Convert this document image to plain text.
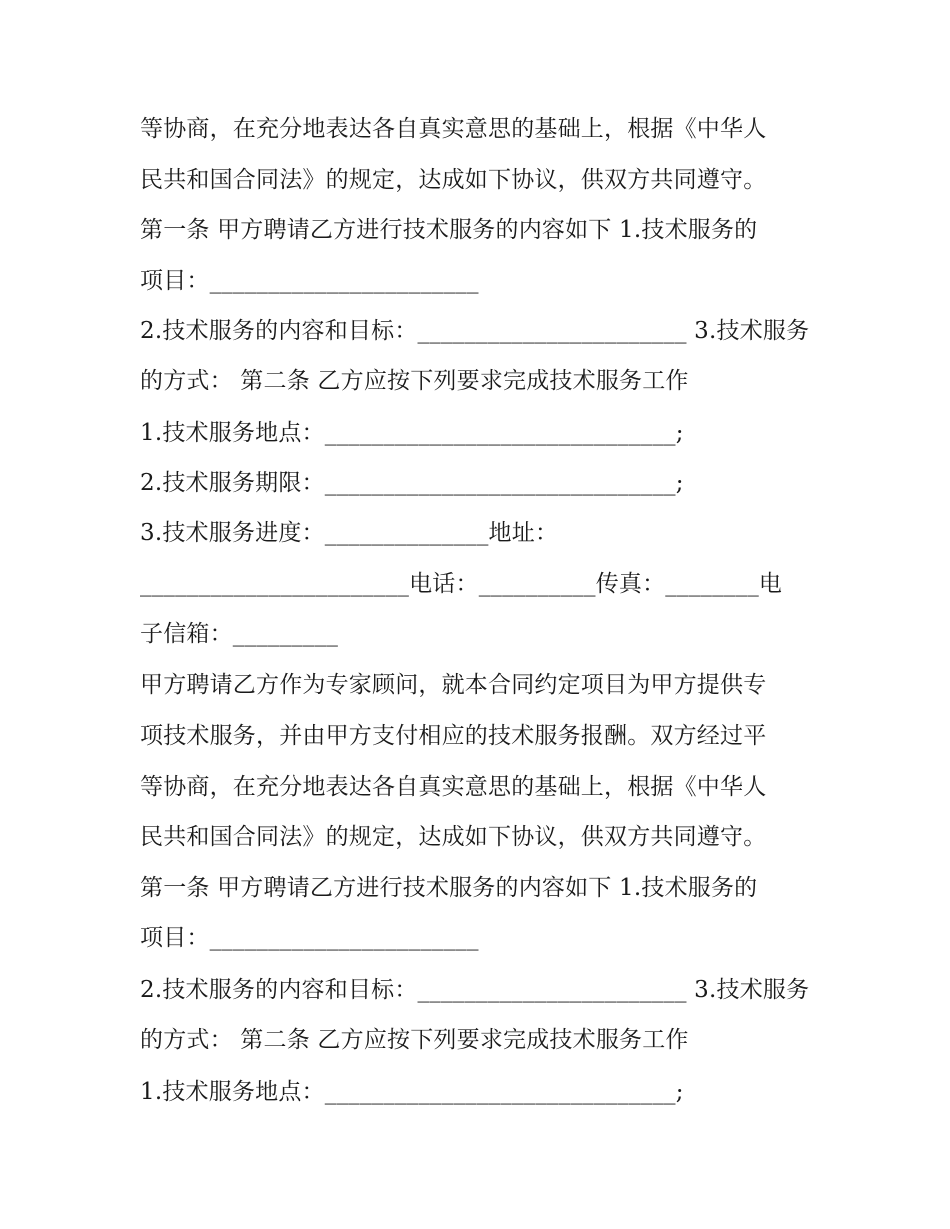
等协商，在充分地表达各自真实意思的基础上，根据《中华人
民共和国合同法》的规定，达成如下协议，供双方共同遵守。
第一条 甲方聘请乙方进行技术服务的内容如下 1.技术服务的
项目：_______________________
2.技术服务的内容和目标：_______________________ 3.技术服务
的方式： 第二条 乙方应按下列要求完成技术服务工作
1.技术服务地点：______________________________;
2.技术服务期限：______________________________;
3.技术服务进度：______________地址：
_______________________电话：__________传真：________电
子信箱：_________
甲方聘请乙方作为专家顾问，就本合同约定项目为甲方提供专
项技术服务，并由甲方支付相应的技术服务报酬。双方经过平
等协商，在充分地表达各自真实意思的基础上，根据《中华人
民共和国合同法》的规定，达成如下协议，供双方共同遵守。
第一条 甲方聘请乙方进行技术服务的内容如下 1.技术服务的
项目：_______________________
2.技术服务的内容和目标：_______________________ 3.技术服务
的方式： 第二条 乙方应按下列要求完成技术服务工作
1.技术服务地点：______________________________;
